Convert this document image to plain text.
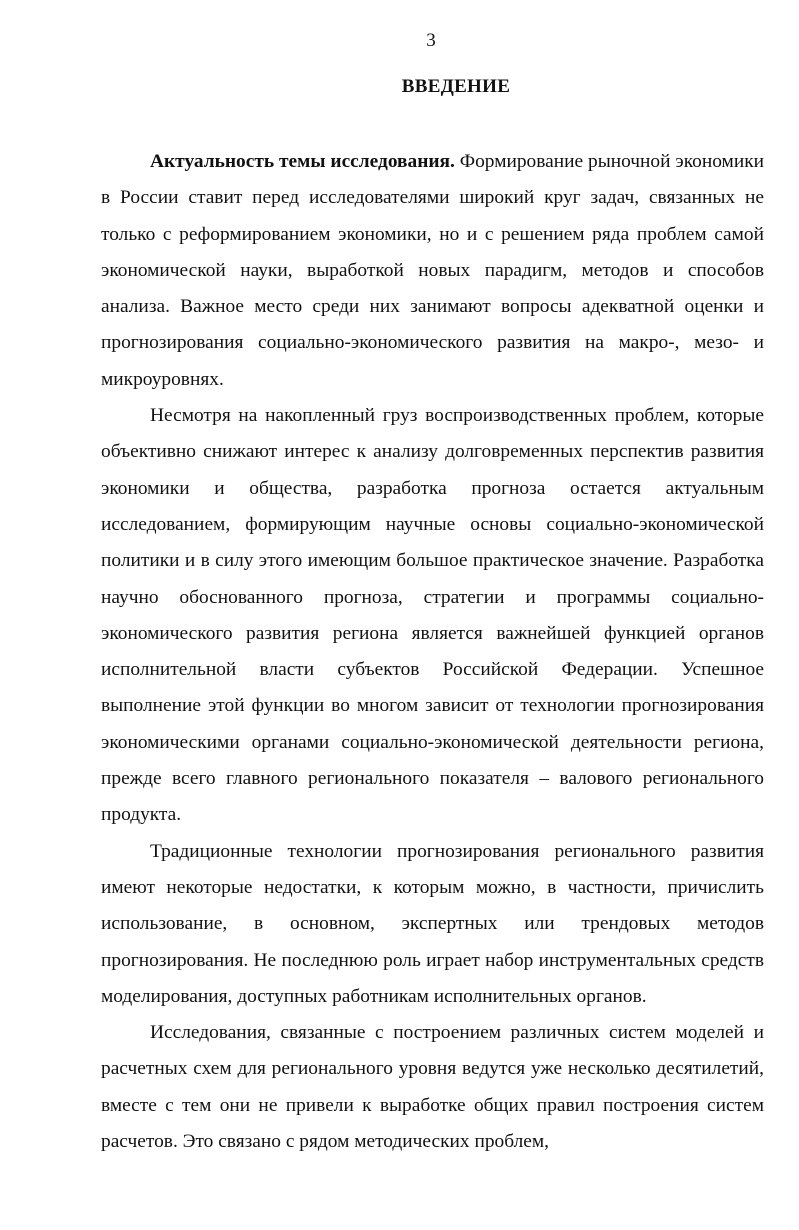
3
ВВЕДЕНИЕ

Актуальность темы исследования. Формирование рыночной экономики в России ставит перед исследователями широкий круг задач, связанных не только с реформированием экономики, но и с решением ряда проблем самой экономической науки, выработкой новых парадигм, методов и способов анализа. Важное место среди них занимают вопросы адекватной оценки и прогнозирования социально-экономического развития на макро-, мезо- и микроуровнях.

Несмотря на накопленный груз воспроизводственных проблем, которые объективно снижают интерес к анализу долговременных перспектив развития экономики и общества, разработка прогноза остается актуальным исследованием, формирующим научные основы социально-экономической политики и в силу этого имеющим большое практическое значение. Разработка научно обоснованного прогноза, стратегии и программы социально-экономического развития региона является важнейшей функцией органов исполнительной власти субъектов Российской Федерации. Успешное выполнение этой функции во многом зависит от технологии прогнозирования экономическими органами социально-экономической деятельности региона, прежде всего главного регионального показателя – валового регионального продукта.

Традиционные технологии прогнозирования регионального развития имеют некоторые недостатки, к которым можно, в частности, причислить использование, в основном, экспертных или трендовых методов прогнозирования. Не последнюю роль играет набор инструментальных средств моделирования, доступных работникам исполнительных органов.

Исследования, связанные с построением различных систем моделей и расчетных схем для регионального уровня ведутся уже несколько десятилетий, вместе с тем они не привели к выработке общих правил построения систем расчетов. Это связано с рядом методических проблем,
